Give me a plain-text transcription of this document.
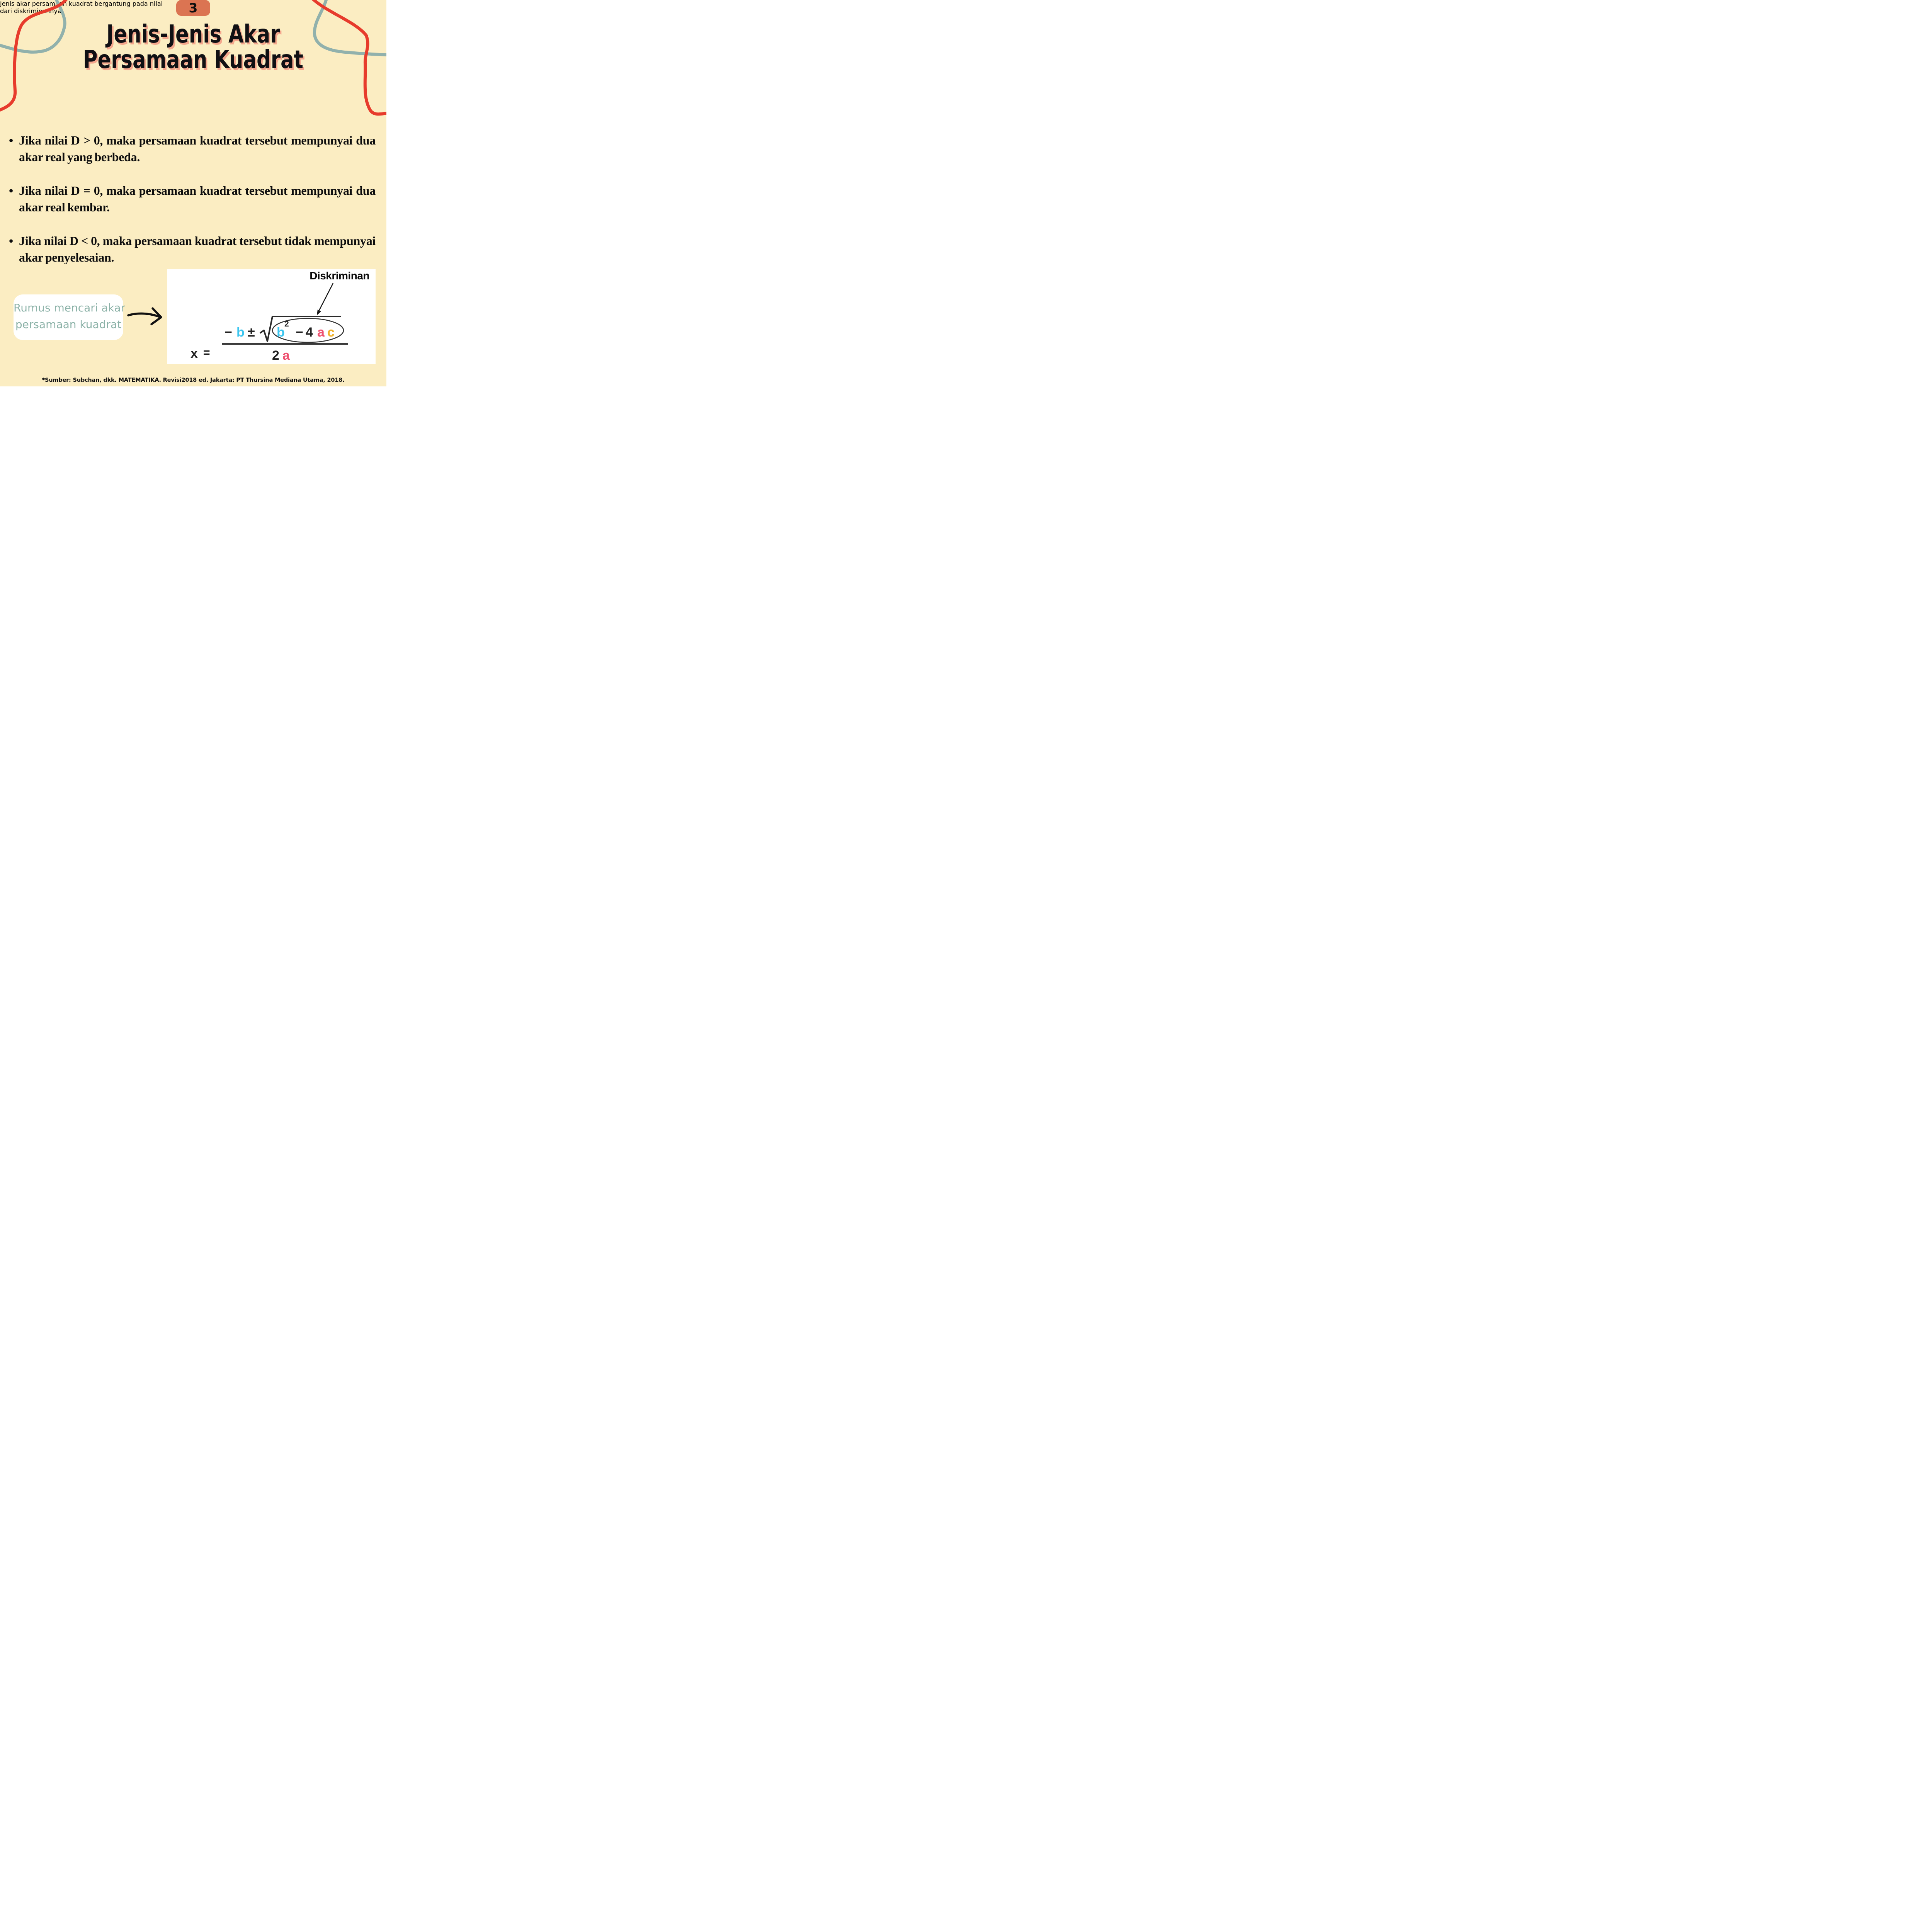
3
Jenis-Jenis Akar
Persamaan Kuadrat

Jenis akar persamaan kuadrat bergantung pada nilai
dari diskriminannya.

• Jika nilai D > 0, maka persamaan kuadrat tersebut mempunyai dua akar real yang berbeda.
• Jika nilai D = 0, maka persamaan kuadrat tersebut mempunyai dua akar real kembar.
• Jika nilai D < 0, maka persamaan kuadrat tersebut tidak mempunyai akar penyelesaian.
Rumus mencari akar
persamaan kuadrat
Diskriminan
x =
− b ± b
2
− 4 a c
2 a

*Sumber: Subchan, dkk. MATEMATIKA. Revisi2018 ed. Jakarta: PT Thursina Mediana Utama, 2018.
